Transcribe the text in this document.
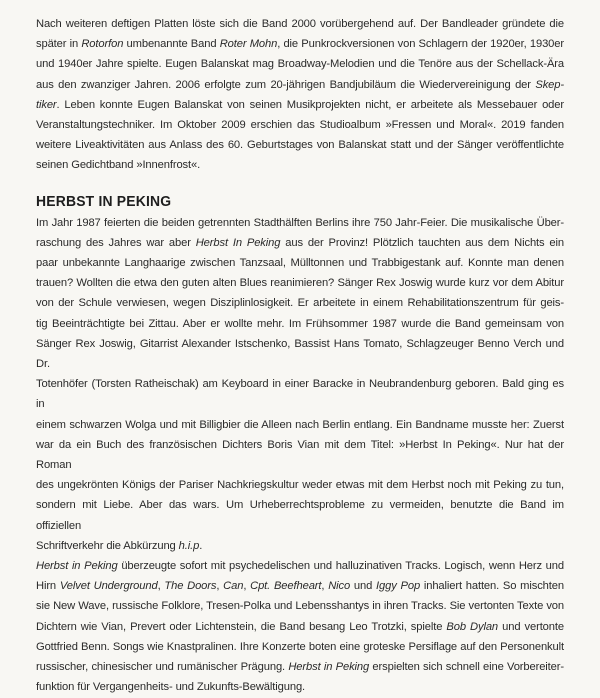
Nach weiteren deftigen Platten löste sich die Band 2000 vorübergehend auf. Der Bandleader gründete die
später in Rotorfon umbenannte Band Roter Mohn, die Punkrockversionen von Schlagern der 1920er, 1930er
und 1940er Jahre spielte. Eugen Balanskat mag Broadway-Melodien und die Tenöre aus der Schellack-Ära
aus den zwanziger Jahren. 2006 erfolgte zum 20-jährigen Bandjubiläum die Wiedervereinigung der Skep-
tiker. Leben konnte Eugen Balanskat von seinen Musikprojekten nicht, er arbeitete als Messebauer oder
Veranstaltungstechniker. Im Oktober 2009 erschien das Studioalbum »Fressen und Moral«. 2019 fanden
weitere Liveaktivitäten aus Anlass des 60. Geburtstages von Balanskat statt und der Sänger veröffentlichte
seinen Gedichtband »Innenfrost«.

HERBST IN PEKING

Im Jahr 1987 feierten die beiden getrennten Stadthälften Berlins ihre 750 Jahr-Feier. Die musikalische Über-
raschung des Jahres war aber Herbst In Peking aus der Provinz! Plötzlich tauchten aus dem Nichts ein
paar unbekannte Langhaarige zwischen Tanzsaal, Mülltonnen und Trabbigestank auf. Konnte man denen
trauen? Wollten die etwa den guten alten Blues reanimieren? Sänger Rex Joswig wurde kurz vor dem Abitur
von der Schule verwiesen, wegen Disziplinlosigkeit. Er arbeitete in einem Rehabilitationszentrum für geis-
tig Beeinträchtigte bei Zittau. Aber er wollte mehr. Im Frühsommer 1987 wurde die Band gemeinsam von
Sänger Rex Joswig, Gitarrist Alexander Istschenko, Bassist Hans Tomato, Schlagzeuger Benno Verch und Dr.
Totenhöfer (Torsten Ratheischak) am Keyboard in einer Baracke in Neubrandenburg geboren. Bald ging es in
einem schwarzen Wolga und mit Billigbier die Alleen nach Berlin entlang. Ein Bandname musste her: Zuerst
war da ein Buch des französischen Dichters Boris Vian mit dem Titel: »Herbst In Peking«. Nur hat der Roman
des ungekrönten Königs der Pariser Nachkriegskultur weder etwas mit dem Herbst noch mit Peking zu tun,
sondern mit Liebe. Aber das wars. Um Urheberrechtsprobleme zu vermeiden, benutzte die Band im offiziellen
Schriftverkehr die Abkürzung h.i.p.

Herbst in Peking überzeugte sofort mit psychedelischen und halluzinativen Tracks. Logisch, wenn Herz und
Hirn Velvet Underground, The Doors, Can, Cpt. Beefheart, Nico und Iggy Pop inhaliert hatten. So mischten
sie New Wave, russische Folklore, Tresen-Polka und Lebensshantys in ihren Tracks. Sie vertonten Texte von
Dichtern wie Vian, Prevert oder Lichtenstein, die Band besang Leo Trotzki, spielte Bob Dylan und vertonte
Gottfried Benn. Songs wie Knastpralinen. Ihre Konzerte boten eine groteske Persiflage auf den Personenkult
russischer, chinesischer und rumänischer Prägung. Herbst in Peking erspielten sich schnell eine Vorbereiter-
funktion für Vergangenheits- und Zukunfts-Bewältigung.
